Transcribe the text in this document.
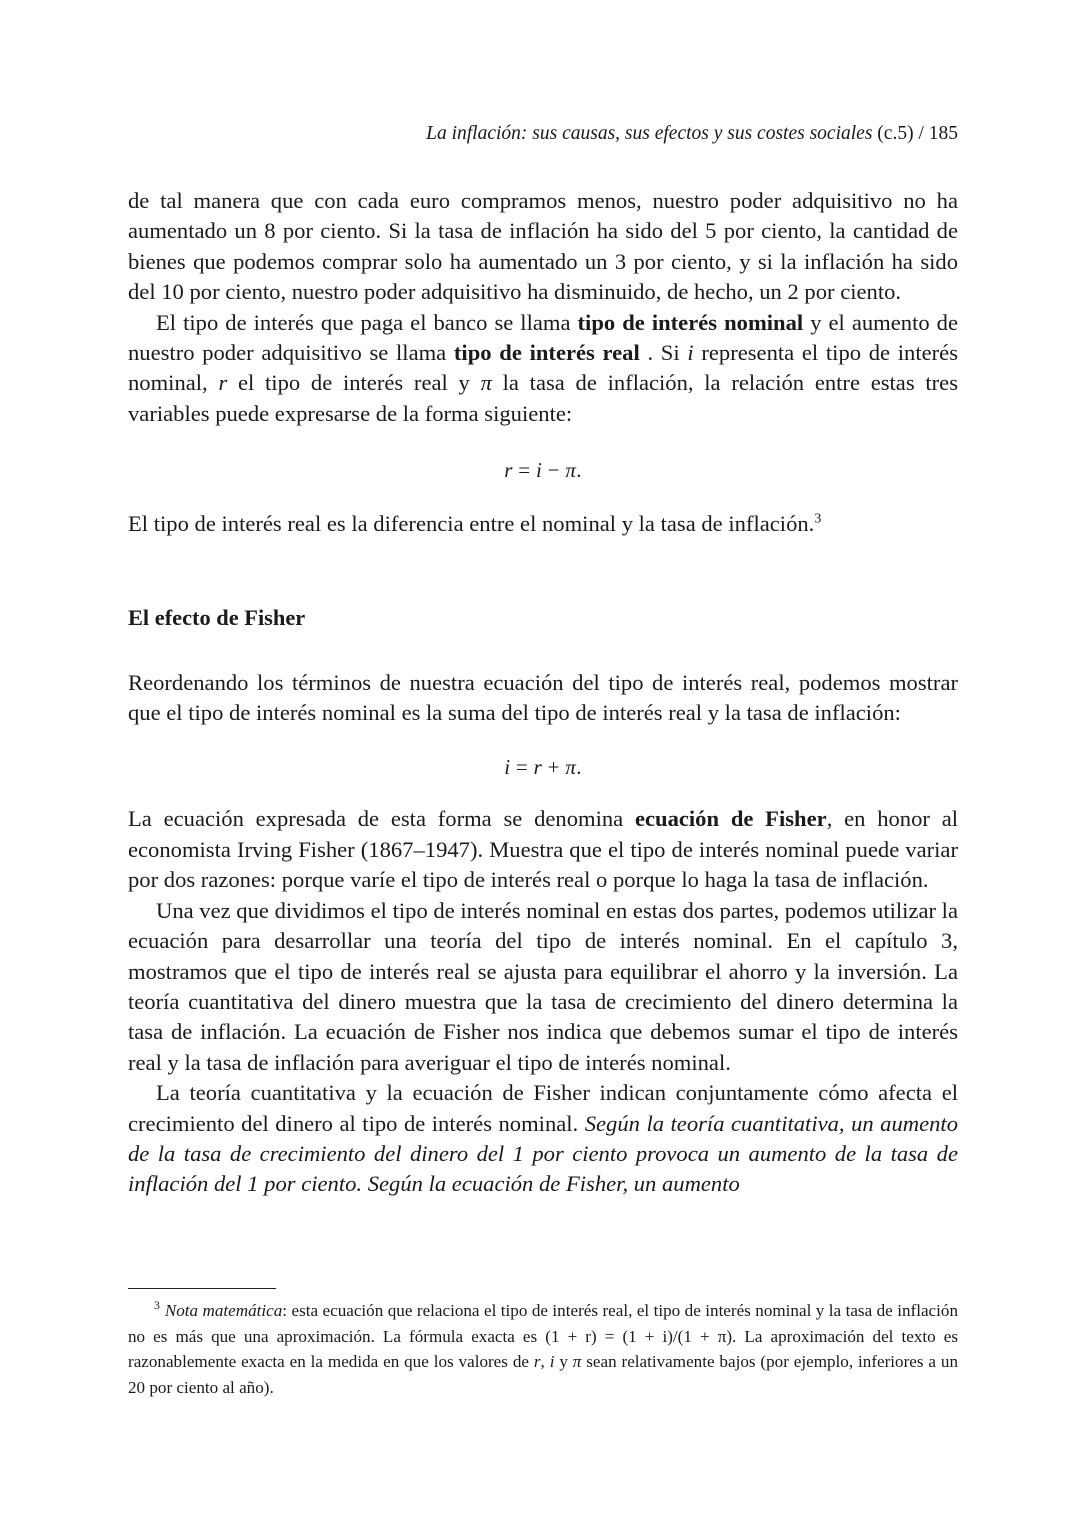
La inflación: sus causas, sus efectos y sus costes sociales (c.5) / 185

de tal manera que con cada euro compramos menos, nuestro poder adquisitivo no ha aumentado un 8 por ciento. Si la tasa de inflación ha sido del 5 por ciento, la cantidad de bienes que podemos comprar solo ha aumentado un 3 por ciento, y si la inflación ha sido del 10 por ciento, nuestro poder adquisitivo ha disminuido, de hecho, un 2 por ciento.

El tipo de interés que paga el banco se llama tipo de interés nominal y el aumento de nuestro poder adquisitivo se llama tipo de interés real . Si i representa el tipo de interés nominal, r el tipo de interés real y π la tasa de inflación, la relación entre estas tres variables puede expresarse de la forma siguiente:

r = i − π.

El tipo de interés real es la diferencia entre el nominal y la tasa de inflación.$^3$

El efecto de Fisher

Reordenando los términos de nuestra ecuación del tipo de interés real, podemos mostrar que el tipo de interés nominal es la suma del tipo de interés real y la tasa de inflación:

i = r + π.

La ecuación expresada de esta forma se denomina ecuación de Fisher, en honor al economista Irving Fisher (1867–1947). Muestra que el tipo de interés nominal puede variar por dos razones: porque varíe el tipo de interés real o porque lo haga la tasa de inflación.

Una vez que dividimos el tipo de interés nominal en estas dos partes, podemos utilizar la ecuación para desarrollar una teoría del tipo de interés nominal. En el capítulo 3, mostramos que el tipo de interés real se ajusta para equilibrar el ahorro y la inversión. La teoría cuantitativa del dinero muestra que la tasa de crecimiento del dinero determina la tasa de inflación. La ecuación de Fisher nos indica que debemos sumar el tipo de interés real y la tasa de inflación para averiguar el tipo de interés nominal.

La teoría cuantitativa y la ecuación de Fisher indican conjuntamente cómo afecta el crecimiento del dinero al tipo de interés nominal. Según la teoría cuantitativa, un aumento de la tasa de crecimiento del dinero del 1 por ciento provoca un aumento de la tasa de inflación del 1 por ciento. Según la ecuación de Fisher, un aumento

$^3$ Nota matemática: esta ecuación que relaciona el tipo de interés real, el tipo de interés nominal y la tasa de inflación no es más que una aproximación. La fórmula exacta es (1 + r) = (1 + i)/(1 + π). La aproximación del texto es razonablemente exacta en la medida en que los valores de r, i y π sean relativamente bajos (por ejemplo, inferiores a un 20 por ciento al año).
